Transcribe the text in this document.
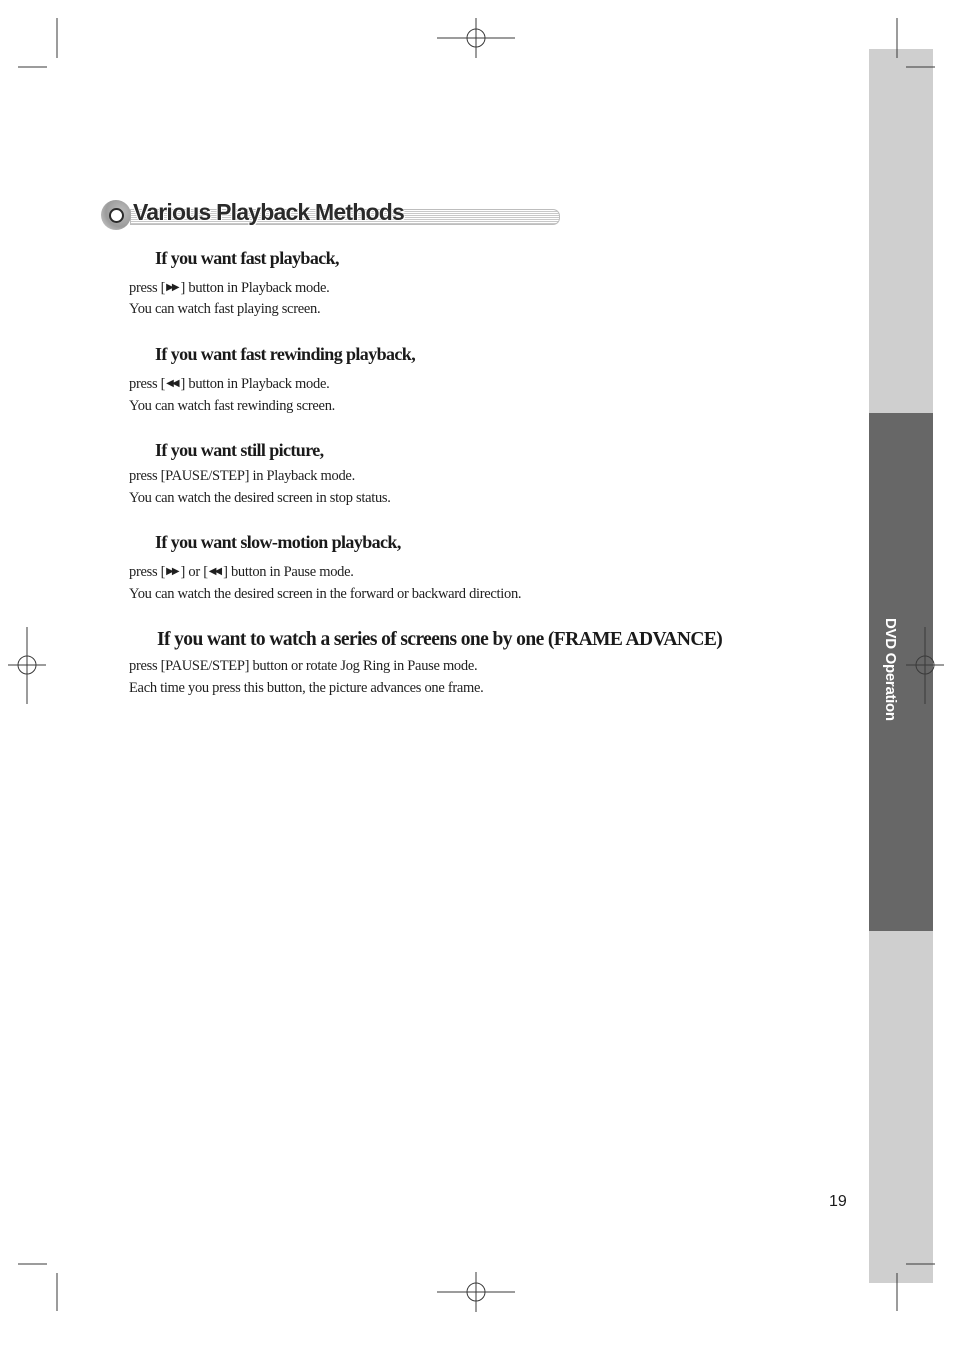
DVD Operation
Various Playback Methods
If you want fast playback,
press [▶▶ ] button in Playback mode.
You can watch fast playing screen.
If you want fast rewinding playback,
press [◀◀ ] button in Playback mode.
You can watch fast rewinding screen.
If you want still picture,
press [PAUSE/STEP] in Playback mode.
You can watch the desired screen in stop status.
If you want slow-motion playback,
press [▶▶ ] or [◀◀ ] button in Pause mode.
You can watch the desired screen in the forward or backward direction.
If you want to watch a series of screens one by one (FRAME ADVANCE)
press [PAUSE/STEP] button or rotate Jog Ring in Pause mode.
Each time you press this button, the picture advances one frame.
19
